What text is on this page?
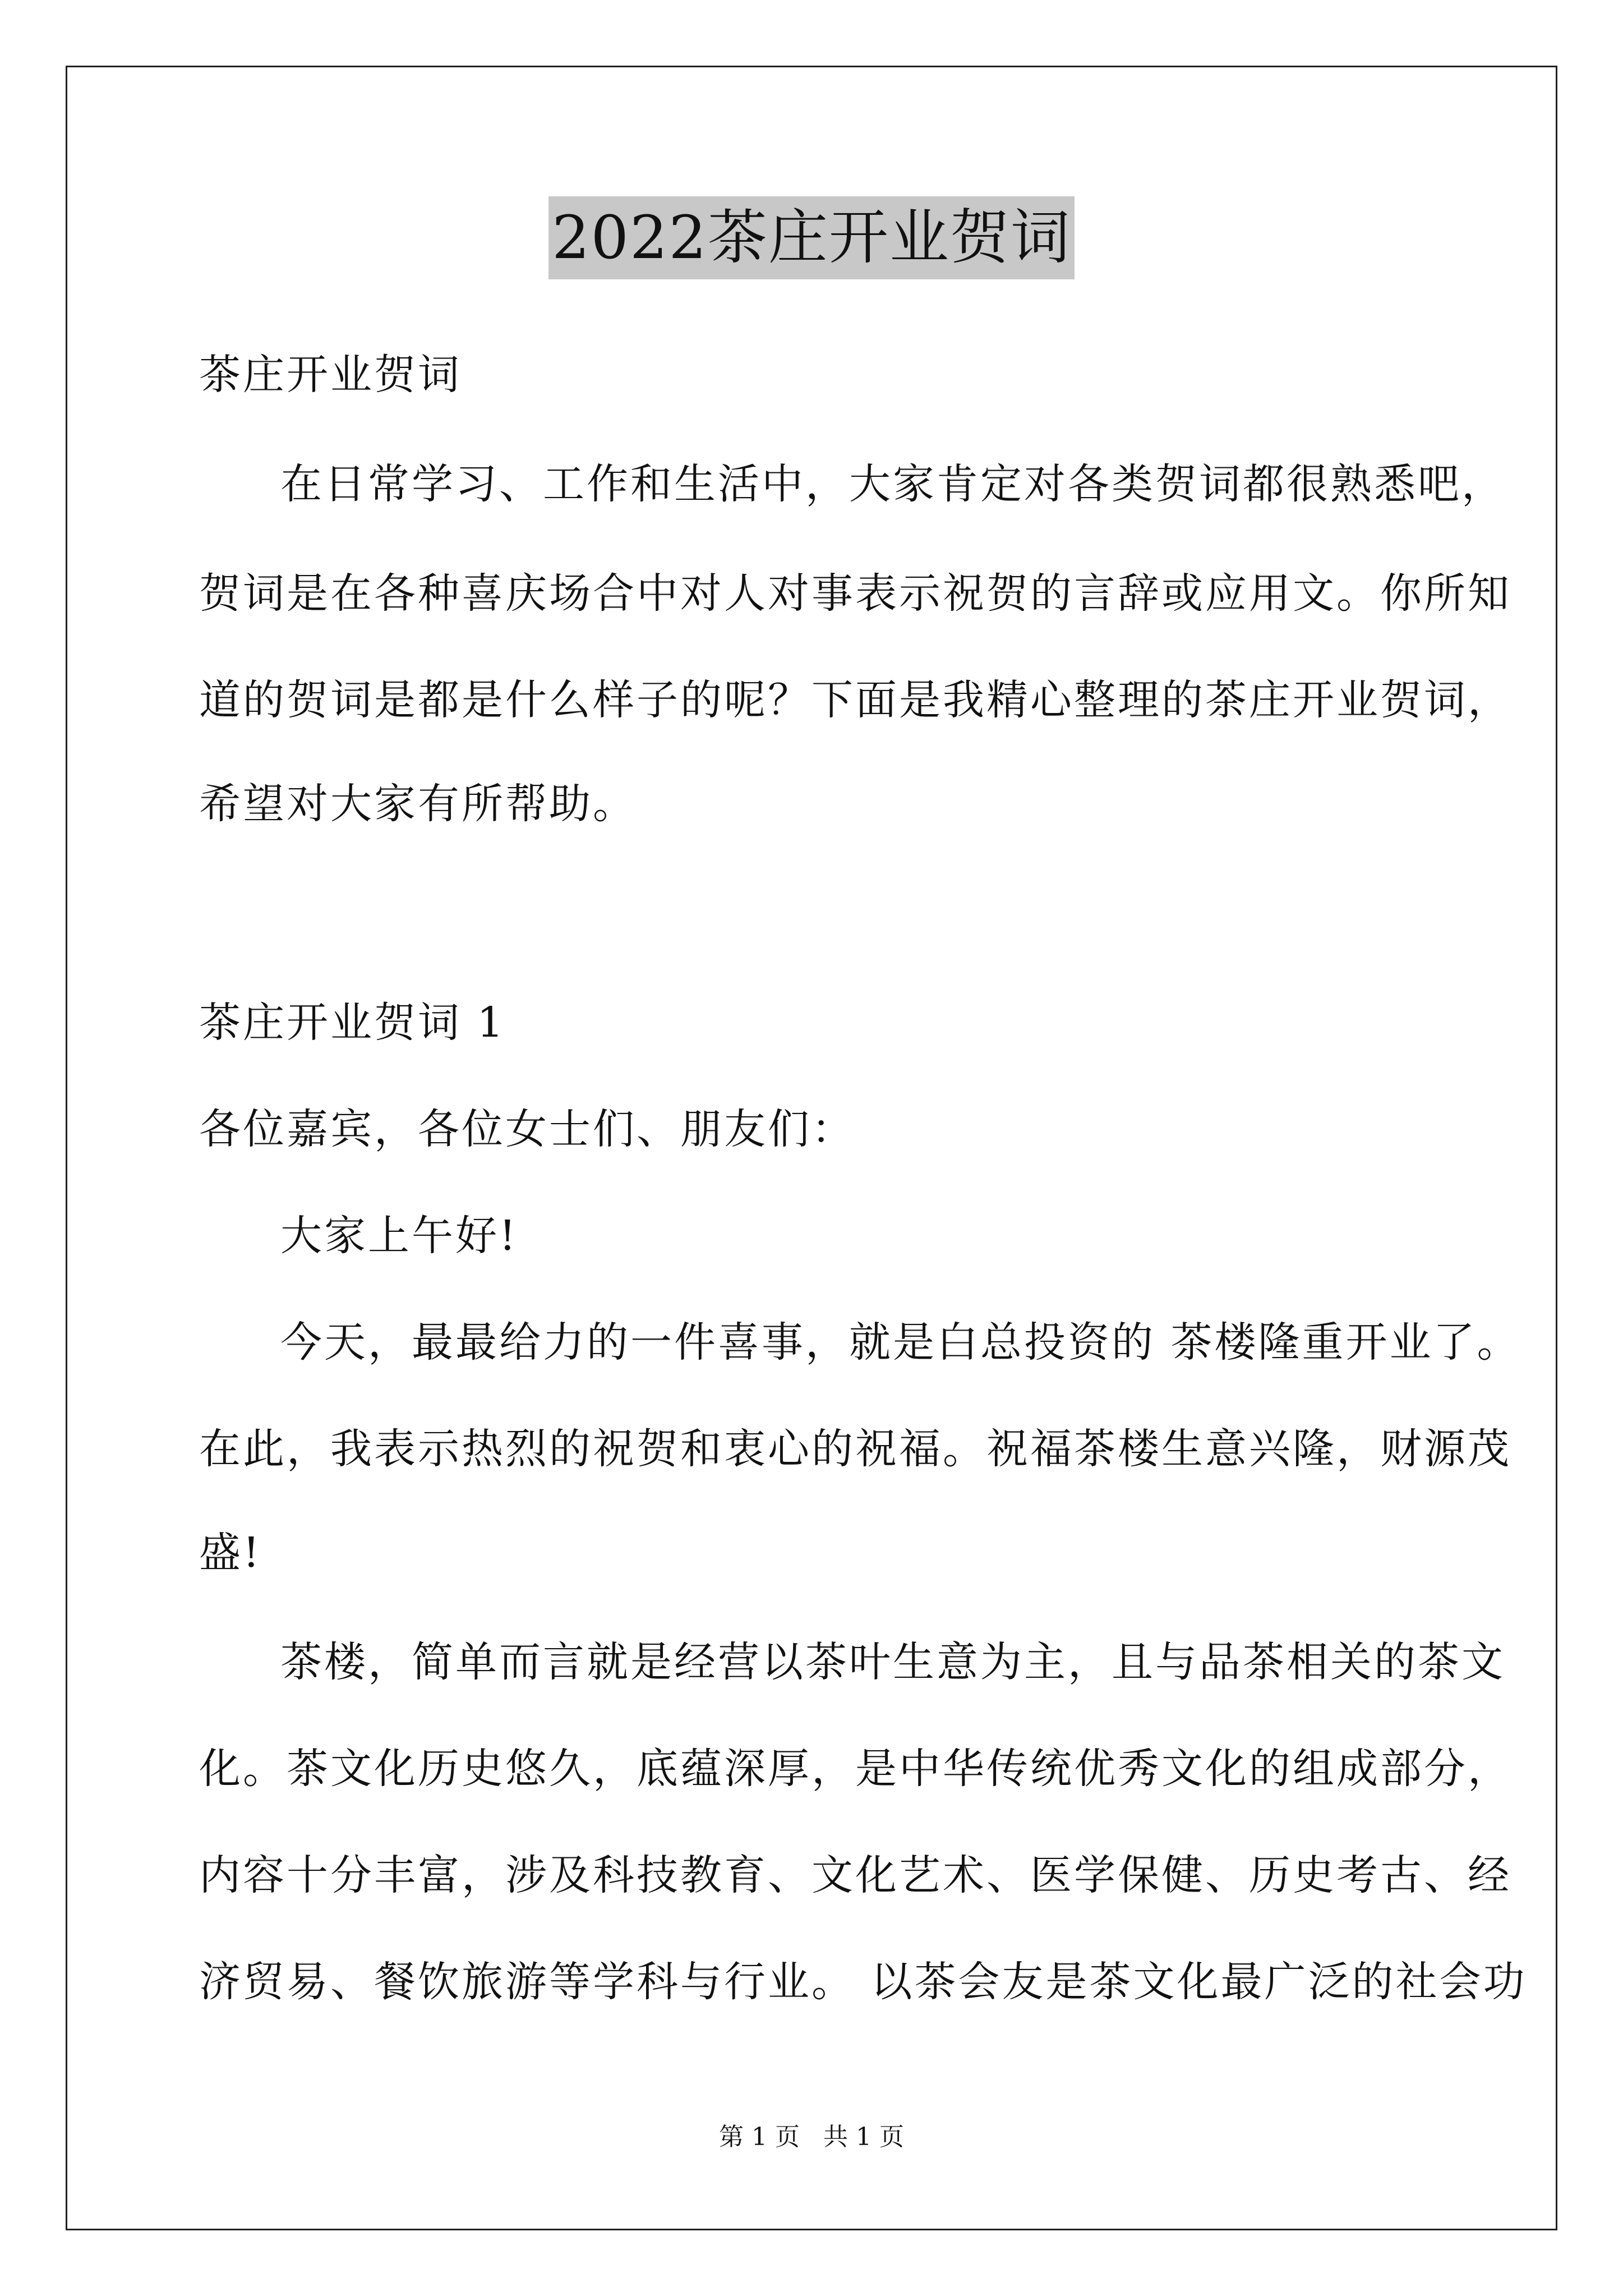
2022茶庄开业贺词
茶庄开业贺词
在日常学习、工作和生活中，大家肯定对各类贺词都很熟悉吧，
贺词是在各种喜庆场合中对人对事表示祝贺的言辞或应用文。你所知
道的贺词是都是什么样子的呢？下面是我精心整理的茶庄开业贺词，
希望对大家有所帮助。
茶庄开业贺词 1
各位嘉宾，各位女士们、朋友们：
大家上午好!
今天，最最给力的一件喜事，就是白总投资的 茶楼隆重开业了。
在此，我表示热烈的祝贺和衷心的祝福。祝福茶楼生意兴隆，财源茂
盛!
茶楼，简单而言就是经营以茶叶生意为主，且与品茶相关的茶文
化。茶文化历史悠久，底蕴深厚，是中华传统优秀文化的组成部分，
内容十分丰富，涉及科技教育、文化艺术、医学保健、历史考古、经
济贸易、餐饮旅游等学科与行业。 以茶会友是茶文化最广泛的社会功
第 1 页   共 1 页
